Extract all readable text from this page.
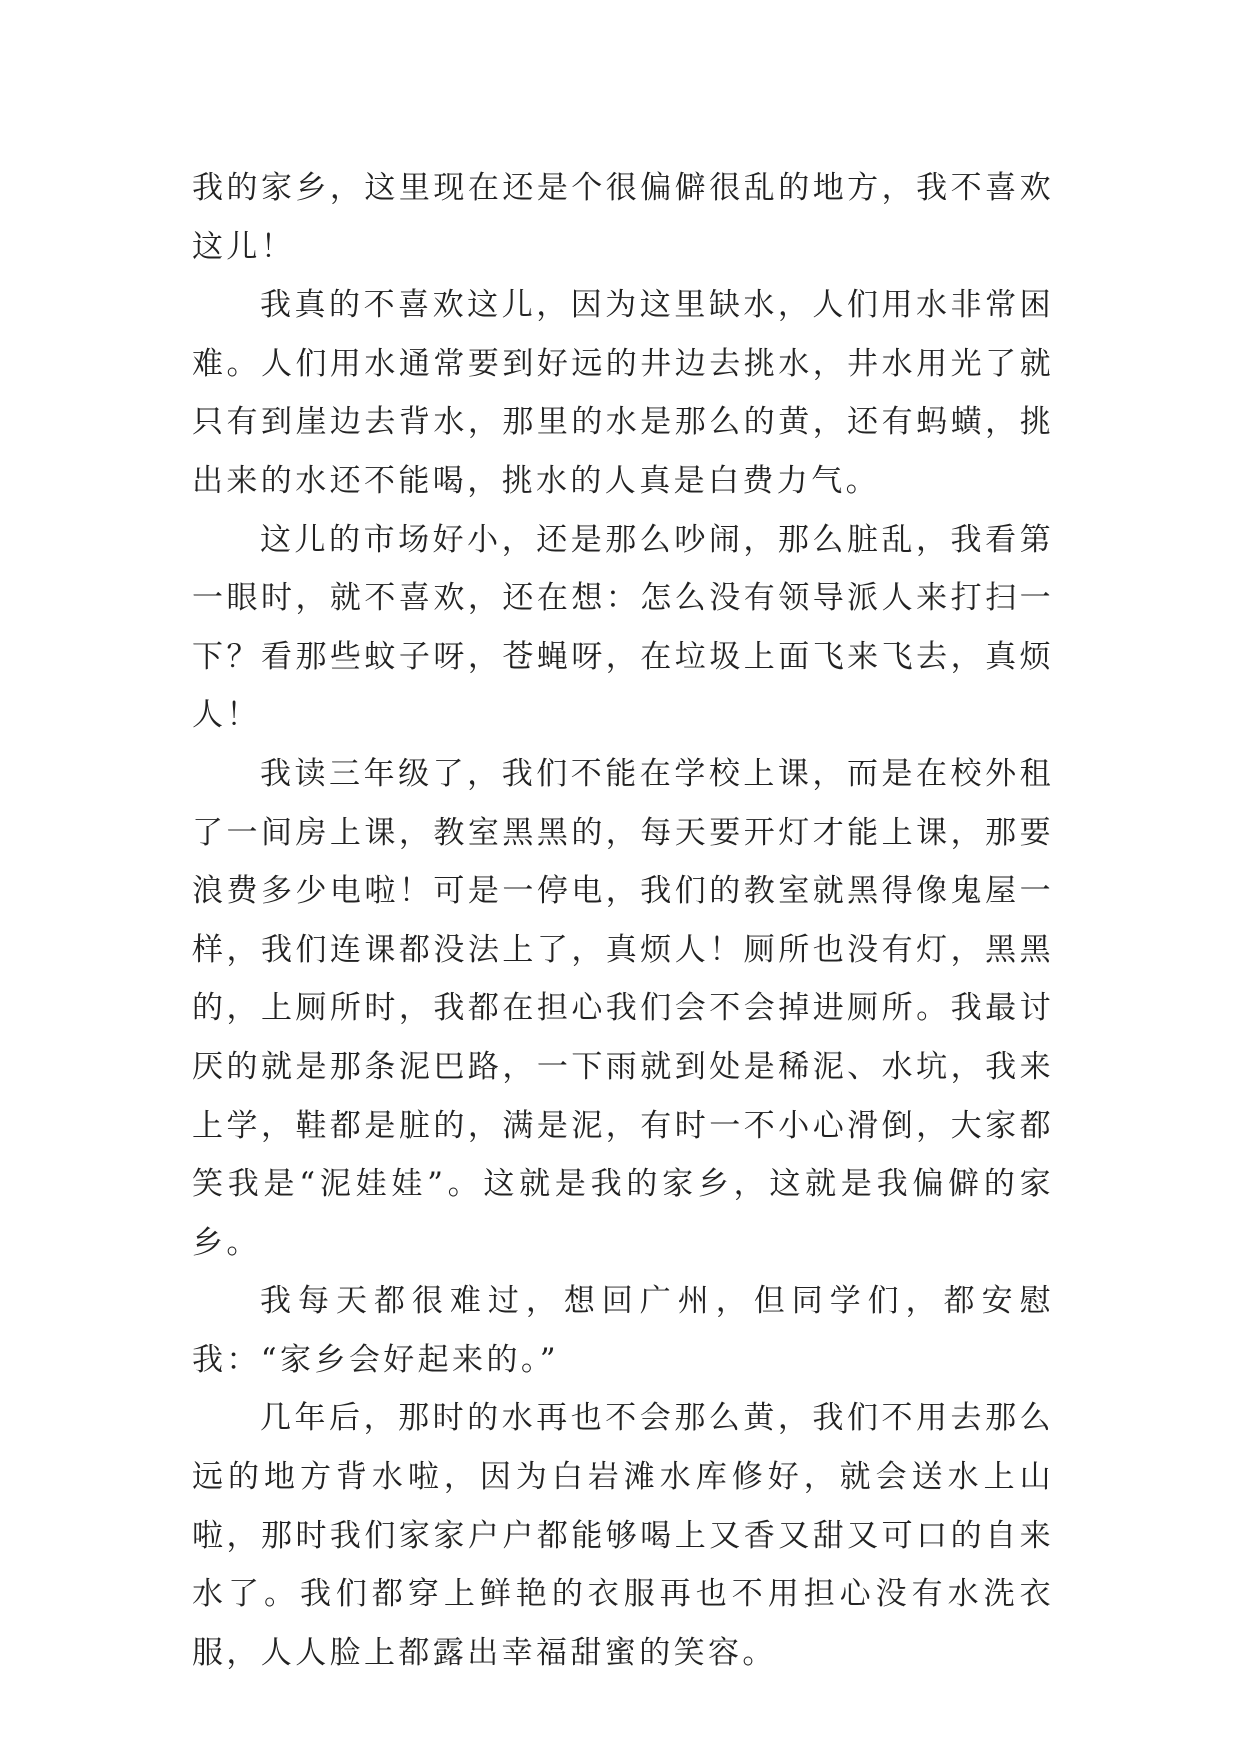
我的家乡，这里现在还是个很偏僻很乱的地方，我不喜欢这儿！

我真的不喜欢这儿，因为这里缺水，人们用水非常困难。人们用水通常要到好远的井边去挑水，井水用光了就只有到崖边去背水，那里的水是那么的黄，还有蚂蟥，挑出来的水还不能喝，挑水的人真是白费力气。

这儿的市场好小，还是那么吵闹，那么脏乱，我看第一眼时，就不喜欢，还在想：怎么没有领导派人来打扫一下？看那些蚊子呀，苍蝇呀，在垃圾上面飞来飞去，真烦人！

我读三年级了，我们不能在学校上课，而是在校外租了一间房上课，教室黑黑的，每天要开灯才能上课，那要浪费多少电啦！可是一停电，我们的教室就黑得像鬼屋一样，我们连课都没法上了，真烦人！厕所也没有灯，黑黑的，上厕所时，我都在担心我们会不会掉进厕所。我最讨厌的就是那条泥巴路，一下雨就到处是稀泥、水坑，我来上学，鞋都是脏的，满是泥，有时一不小心滑倒，大家都笑我是“泥娃娃”。这就是我的家乡，这就是我偏僻的家乡。

我每天都很难过，想回广州，但同学们，都安慰我：“家乡会好起来的。”

几年后，那时的水再也不会那么黄，我们不用去那么远的地方背水啦，因为白岩滩水库修好，就会送水上山啦，那时我们家家户户都能够喝上又香又甜又可口的自来水了。我们都穿上鲜艳的衣服再也不用担心没有水洗衣服，人人脸上都露出幸福甜蜜的笑容。
